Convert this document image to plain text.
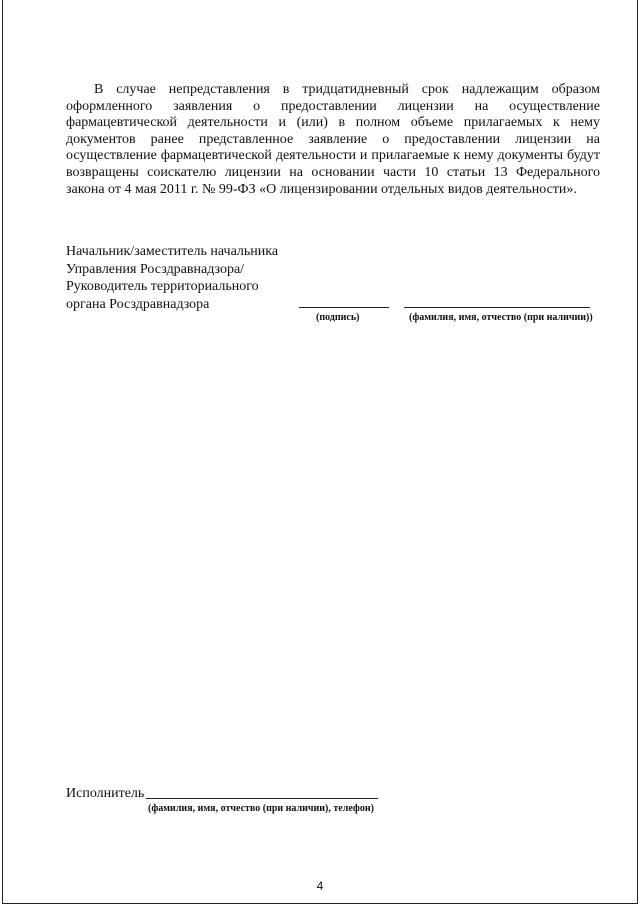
В случае непредставления в тридцатидневный срок надлежащим образом
оформленного заявления о предоставлении лицензии на осуществление
фармацевтической деятельности и (или) в полном объеме прилагаемых к нему
документов ранее представленное заявление о предоставлении лицензии на
осуществление фармацевтической деятельности и прилагаемые к нему документы будут
возвращены соискателю лицензии на основании части 10 статьи 13 Федерального
закона от 4 мая 2011 г. № 99-ФЗ «О лицензировании отдельных видов деятельности».
Начальник/заместитель начальника
Управления Росздравнадзора/
Руководитель территориального
органа Росздравнадзора
(подпись)	(фамилия, имя, отчество (при наличии))
Исполнитель
(фамилия, имя, отчество (при наличии), телефон)
4
